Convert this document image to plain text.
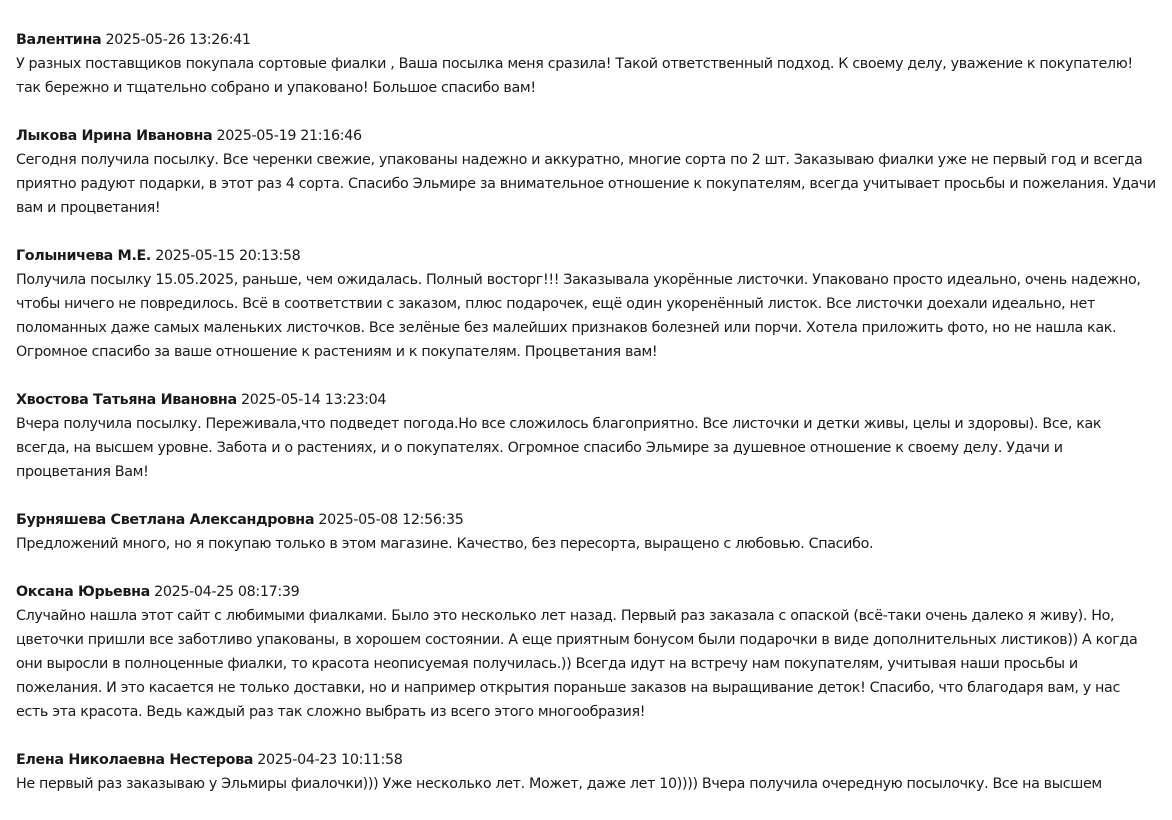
Валентина 2025-05-26 13:26:41
У разных поставщиков покупала сортовые фиалки , Ваша посылка меня сразила! Такой ответственный подход. К своему делу, уважение к покупателю!так бережно и тщательно собрано и упаковано! Большое спасибо вам!
Лыкова Ирина Ивановна 2025-05-19 21:16:46
Сегодня получила посылку. Все черенки свежие, упакованы надежно и аккуратно, многие сорта по 2 шт. Заказываю фиалки уже не первый год и всегда приятно радуют подарки, в этот раз 4 сорта. Спасибо Эльмире за внимательное отношение к покупателям, всегда учитывает просьбы и пожелания. Удачи вам и процветания!
Голыничева М.Е. 2025-05-15 20:13:58
Получила посылку 15.05.2025, раньше, чем ожидалась. Полный восторг!!! Заказывала укорённые листочки. Упаковано просто идеально, очень надежно, чтобы ничего не повредилось. Всё в соответствии с заказом, плюс подарочек, ещё один укоренённый листок. Все листочки доехали идеально, нет поломанных даже самых маленьких листочков. Все зелёные без малейших признаков болезней или порчи. Хотела приложить фото, но не нашла как. Огромное спасибо за ваше отношение к растениям и к покупателям. Процветания вам!
Хвостова Татьяна Ивановна 2025-05-14 13:23:04
Вчера получила посылку. Переживала,что подведет погода.Но все сложилось благоприятно. Все листочки и детки живы, целы и здоровы). Все, как всегда, на высшем уровне. Забота и о растениях, и о покупателях. Огромное спасибо Эльмире за душевное отношение к своему делу. Удачи и процветания Вам!
Бурняшева Светлана Александровна 2025-05-08 12:56:35
Предложений много, но я покупаю только в этом магазине. Качество, без пересорта, выращено с любовью. Спасибо.
Оксана Юрьевна 2025-04-25 08:17:39
Случайно нашла этот сайт с любимыми фиалками. Было это несколько лет назад. Первый раз заказала с опаской (всё-таки очень далеко я живу). Но, цветочки пришли все заботливо упакованы, в хорошем состоянии. А еще приятным бонусом были подарочки в виде дополнительных листиков)) А когда они выросли в полноценные фиалки, то красота неописуемая получилась.)) Всегда идут на встречу нам покупателям, учитывая наши просьбы и пожелания. И это касается не только доставки, но и например открытия пораньше заказов на выращивание деток! Спасибо, что благодаря вам, у нас есть эта красота. Ведь каждый раз так сложно выбрать из всего этого многообразия!
Елена Николаевна Нестерова 2025-04-23 10:11:58
Не первый раз заказываю у Эльмиры фиалочки))) Уже несколько лет. Может, даже лет 10)))) Вчера получила очередную посылочку. Все на высшем
